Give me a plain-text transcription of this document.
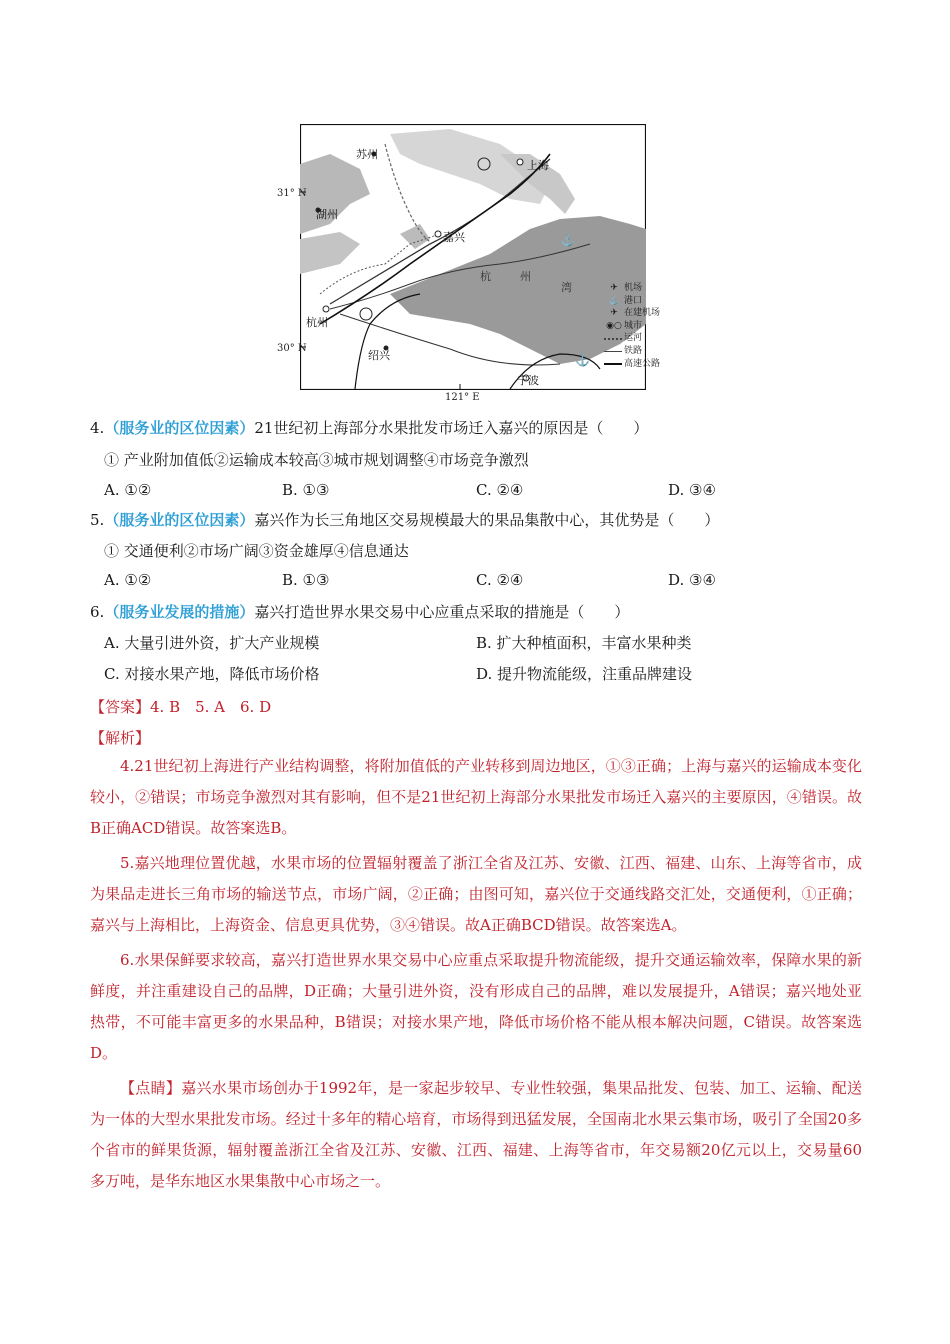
⚓
⚓
31° N
30° N
121° E
苏州
上海
湖州
嘉兴
杭州
绍兴
宁波
杭	州
湾	✈ 机场
⚓ 港口
✈ 在建机场
◉○ 城市
运河
铁路
高速公路
4.（服务业的区位因素）21世纪初上海部分水果批发市场迁入嘉兴的原因是（　　）
① 产业附加值低②运输成本较高③城市规划调整④市场竞争激烈
A. ①②	B. ①③	C. ②④	D. ③④
5.（服务业的区位因素）嘉兴作为长三角地区交易规模最大的果品集散中心，其优势是（　　）
① 交通便利②市场广阔③资金雄厚④信息通达
A. ①②	B. ①③	C. ②④	D. ③④
6.（服务业发展的措施）嘉兴打造世界水果交易中心应重点采取的措施是（　　）
A. 大量引进外资，扩大产业规模	B. 扩大种植面积，丰富水果种类
C. 对接水果产地，降低市场价格	D. 提升物流能级，注重品牌建设
【答案】4. B　5. A　6. D
【解析】

4.21世纪初上海进行产业结构调整，将附加值低的产业转移到周边地区，①③正确；上海与嘉兴的运输成本变化较小，②错误；市场竞争激烈对其有影响，但不是21世纪初上海部分水果批发市场迁入嘉兴的主要原因，④错误。故B正确ACD错误。故答案选B。

5.嘉兴地理位置优越，水果市场的位置辐射覆盖了浙江全省及江苏、安徽、江西、福建、山东、上海等省市，成为果品走进长三角市场的输送节点，市场广阔，②正确；由图可知，嘉兴位于交通线路交汇处，交通便利，①正确；嘉兴与上海相比，上海资金、信息更具优势，③④错误。故A正确BCD错误。故答案选A。

6.水果保鲜要求较高，嘉兴打造世界水果交易中心应重点采取提升物流能级，提升交通运输效率，保障水果的新鲜度，并注重建设自己的品牌，D正确；大量引进外资，没有形成自己的品牌，难以发展提升，A错误；嘉兴地处亚热带，不可能丰富更多的水果品种，B错误；对接水果产地，降低市场价格不能从根本解决问题，C错误。故答案选D。

【点睛】嘉兴水果市场创办于1992年，是一家起步较早、专业性较强，集果品批发、包装、加工、运输、配送为一体的大型水果批发市场。经过十多年的精心培育，市场得到迅猛发展，全国南北水果云集市场，吸引了全国20多个省市的鲜果货源，辐射覆盖浙江全省及江苏、安徽、江西、福建、上海等省市，年交易额20亿元以上，交易量60多万吨，是华东地区水果集散中心市场之一。
